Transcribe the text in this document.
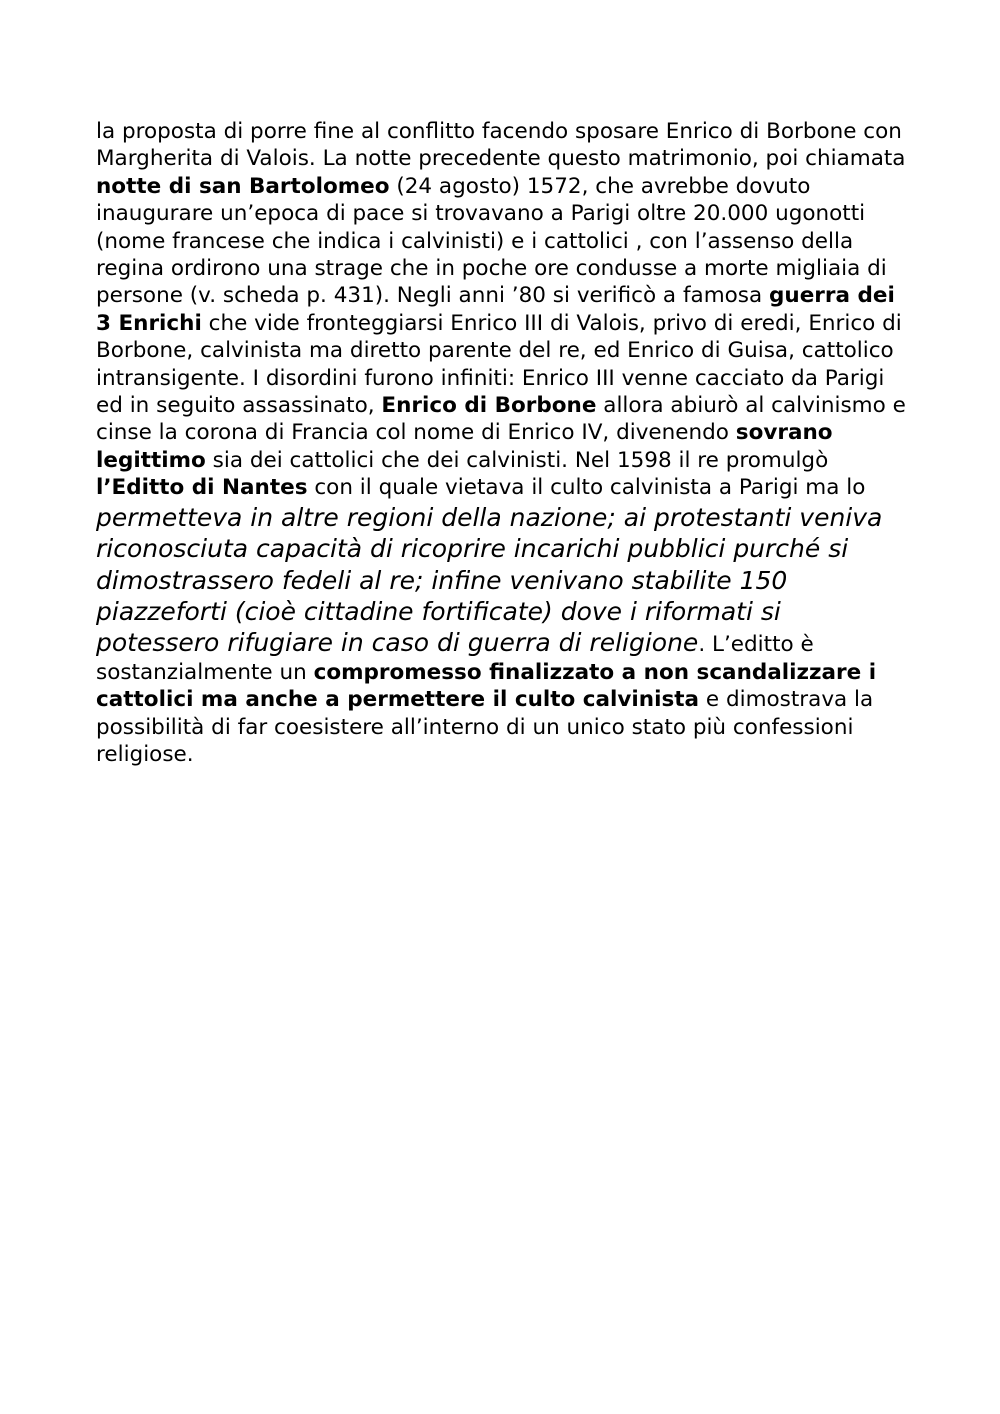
la proposta di porre fine al conflitto facendo sposare Enrico di Borbone con Margherita di Valois. La notte precedente questo matrimonio, poi chiamata notte di san Bartolomeo (24 agosto) 1572, che avrebbe dovuto inaugurare un’epoca di pace si trovavano a Parigi oltre 20.000 ugonotti (nome francese che indica i calvinisti) e i cattolici , con l’assenso della regina ordirono una strage che in poche ore condusse a morte migliaia di persone (v. scheda p. 431). Negli anni ’80 si verificò a famosa guerra dei 3 Enrichi che vide fronteggiarsi Enrico III di Valois, privo di eredi, Enrico di Borbone, calvinista ma diretto parente del re, ed Enrico di Guisa, cattolico intransigente. I disordini furono infiniti: Enrico III venne cacciato da Parigi ed in seguito assassinato, Enrico di Borbone allora abiurò al calvinismo e cinse la corona di Francia col nome di Enrico IV, divenendo sovrano legittimo sia dei cattolici che dei calvinisti. Nel 1598 il re promulgò l’Editto di Nantes con il quale vietava il culto calvinista a Parigi ma lo permetteva in altre regioni della nazione; ai protestanti veniva riconosciuta capacità di ricoprire incarichi pubblici purché si dimostrassero fedeli al re; infine venivano stabilite 150 piazzeforti (cioè cittadine fortificate) dove i riformati si potessero rifugiare in caso di guerra di religione. L’editto è sostanzialmente un compromesso finalizzato a non scandalizzare i cattolici ma anche a permettere il culto calvinista e dimostrava la possibilità di far coesistere all’interno di un unico stato più confessioni religiose.
